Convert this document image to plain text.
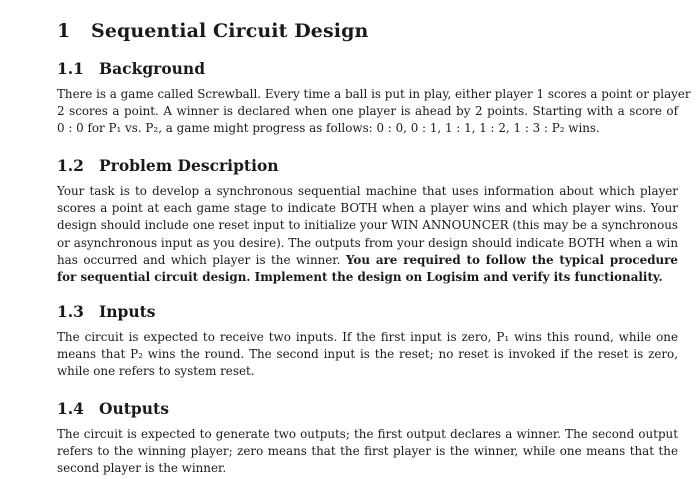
1 Sequential Circuit Design
1.1 Background
There is a game called Screwball. Every time a ball is put in play, either player 1 scores a point or player
2 scores a point. A winner is declared when one player is ahead by 2 points. Starting with a score of
0 : 0 for P₁ vs. P₂, a game might progress as follows: 0 : 0, 0 : 1, 1 : 1, 1 : 2, 1 : 3 : P₂ wins.
1.2 Problem Description
Your task is to develop a synchronous sequential machine that uses information about which player
scores a point at each game stage to indicate BOTH when a player wins and which player wins. Your
design should include one reset input to initialize your WIN ANNOUNCER (this may be a synchronous
or asynchronous input as you desire). The outputs from your design should indicate BOTH when a win
has occurred and which player is the winner. You are required to follow the typical procedure
for sequential circuit design. Implement the design on Logisim and verify its functionality.
1.3 Inputs
The circuit is expected to receive two inputs. If the first input is zero, P₁ wins this round, while one
means that P₂ wins the round. The second input is the reset; no reset is invoked if the reset is zero,
while one refers to system reset.
1.4 Outputs
The circuit is expected to generate two outputs; the first output declares a winner. The second output
refers to the winning player; zero means that the first player is the winner, while one means that the
second player is the winner.
